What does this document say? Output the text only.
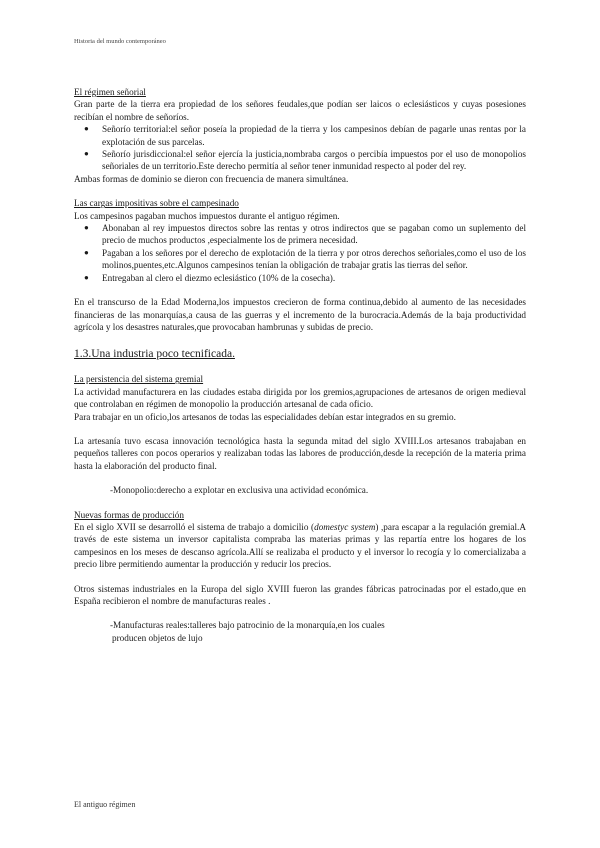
Historia del mundo contemporáneo
El régimen señorial

Gran parte de la tierra era propiedad de los señores feudales,que podían ser laicos o eclesiásticos y cuyas posesiones recibían el nombre de señoríos.

● Señorío territorial:el señor poseía la propiedad de la tierra y los campesinos debían de pagarle unas rentas por la explotación de sus parcelas.
● Señorío jurisdiccional:el señor ejercía la justicia,nombraba cargos o percibía impuestos por el uso de monopolios señoriales de un territorio.Este derecho permitía al señor tener inmunidad respecto al poder del rey.

Ambas formas de dominio se dieron con frecuencia de manera simultánea.

Las cargas impositivas sobre el campesinado

Los campesinos pagaban muchos impuestos durante el antiguo régimen.

● Abonaban al rey impuestos directos sobre las rentas y otros indirectos que se pagaban como un suplemento del precio de muchos productos ,especialmente los de primera necesidad.
● Pagaban a los señores por el derecho de explotación de la tierra y por otros derechos señoriales,como el uso de los molinos,puentes,etc.Algunos campesinos tenían la obligación de trabajar gratis las tierras del señor.
● Entregaban al clero el diezmo eclesiástico (10% de la cosecha).

En el transcurso de la Edad Moderna,los impuestos crecieron de forma continua,debido al aumento de las necesidades financieras de las monarquías,a causa de las guerras y el incremento de la burocracia.Además de la baja productividad agrícola y los desastres naturales,que provocaban hambrunas y subidas de precio.

1.3.Una industria poco tecnificada.
La persistencia del sistema gremial

La actividad manufacturera en las ciudades estaba dirigida por los gremios,agrupaciones de artesanos de origen medieval que controlaban en régimen de monopolio la producción artesanal de cada oficio.

Para trabajar en un oficio,los artesanos de todas las especialidades debían estar integrados en su gremio.

La artesanía tuvo escasa innovación tecnológica hasta la segunda mitad del siglo XVIII.Los artesanos trabajaban en pequeños talleres con pocos operarios y realizaban todas las labores de producción,desde la recepción de la materia prima hasta la elaboración del producto final.

-Monopolio:derecho a explotar en exclusiva una actividad económica.

Nuevas formas de producción

En el siglo XVII se desarrolló el sistema de trabajo a domicilio (domestyc system) ,para escapar a la regulación gremial.A través de este sistema un inversor capitalista compraba las materias primas y las repartía entre los hogares de los campesinos en los meses de descanso agrícola.Allí se realizaba el producto y el inversor lo recogía y lo comercializaba a precio libre permitiendo aumentar la producción y reducir los precios.

Otros sistemas industriales en la Europa del siglo XVIII fueron las grandes fábricas patrocinadas por el estado,que en España recibieron el nombre de manufacturas reales .

-Manufacturas reales:talleres bajo patrocinio de la monarquía,en los cuales

producen objetos de lujo

El antiguo régimen
